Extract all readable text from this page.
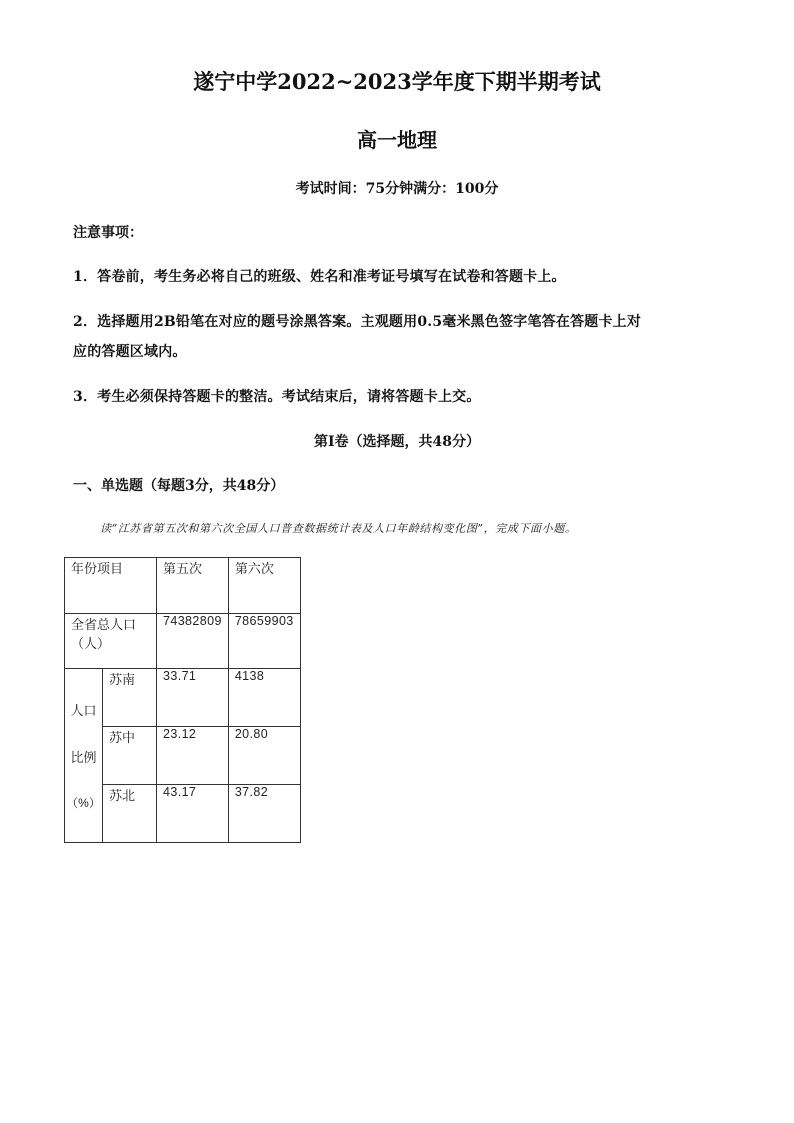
遂宁中学2022~2023学年度下期半期考试
高一地理
考试时间：75分钟满分：100分
注意事项：
1．答卷前，考生务必将自己的班级、姓名和准考证号填写在试卷和答题卡上。
2．选择题用2B铅笔在对应的题号涂黑答案。主观题用0.5毫米黑色签字笔答在答题卡上对
应的答题区域内。
3．考生必须保持答题卡的整洁。考试结束后，请将答题卡上交。
第Ⅰ卷（选择题，共48分）
一、单选题（每题3分，共48分）
读“江苏省第五次和第六次全国人口普查数据统计表及人口年龄结构变化图”，完成下面小题。
年份项目		第五次	第六次
全省总人口（人）		74382809	78659903

人口
比例
（%）	苏南	33.71	4138
	苏中	23.12	20.80
	苏北	43.17	37.82
